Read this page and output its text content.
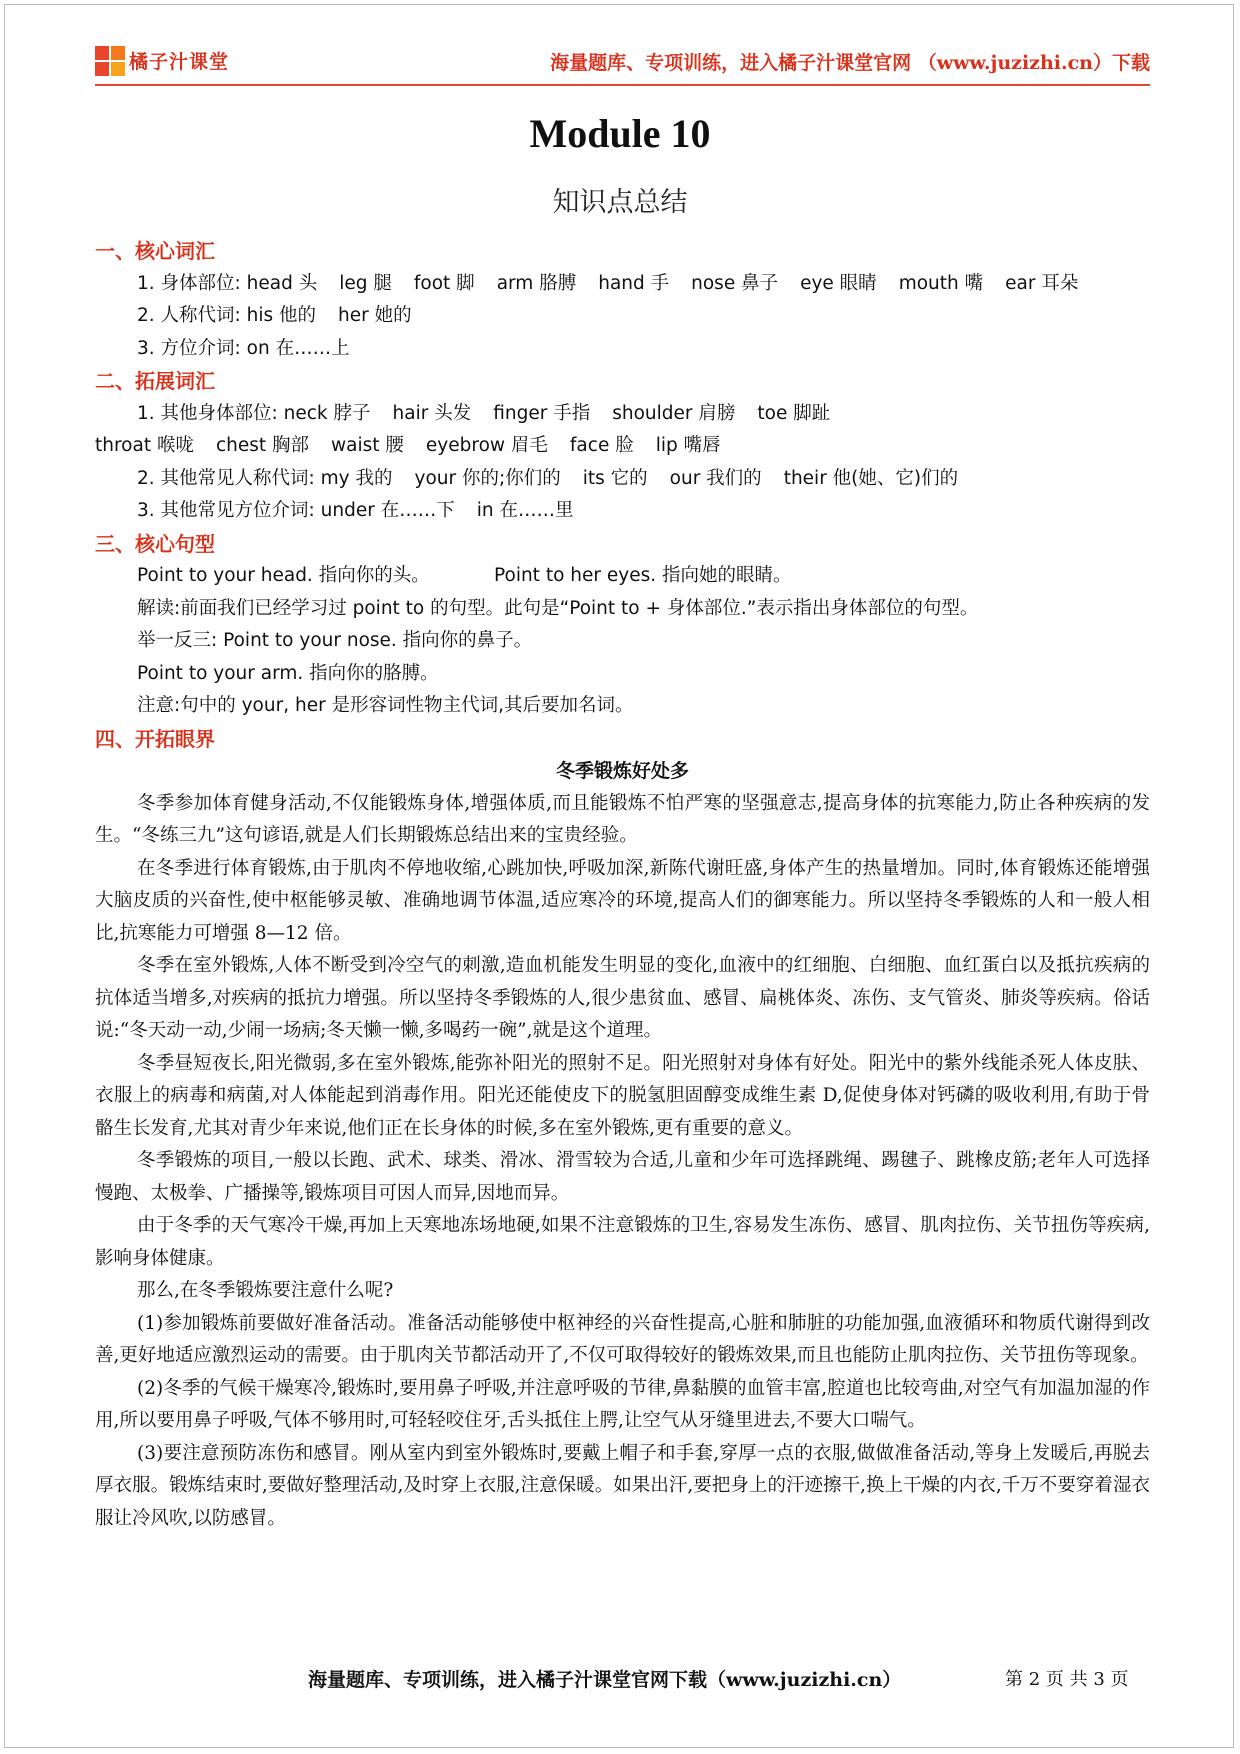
橘子汁课堂	海量题库、专项训练，进入橘子汁课堂官网 （www.juzizhi.cn）下载
Module 10
知识点总结
一、核心词汇
1. 身体部位: head 头 leg 腿 foot 脚 arm 胳膊 hand 手 nose 鼻子 eye 眼睛 mouth 嘴 ear 耳朵
2. 人称代词: his 他的 her 她的
3. 方位介词: on 在……上
二、拓展词汇
1. 其他身体部位: neck 脖子 hair 头发 finger 手指 shoulder 肩膀 toe 脚趾
throat 喉咙 chest 胸部 waist 腰 eyebrow 眉毛 face 脸 lip 嘴唇
2. 其他常见人称代词: my 我的 your 你的;你们的 its 它的 our 我们的 their 他(她、它)们的
3. 其他常见方位介词: under 在……下 in 在……里
三、核心句型
Point to your head. 指向你的头。	Point to her eyes. 指向她的眼睛。
解读:前面我们已经学习过 point to 的句型。此句是“Point to + 身体部位.”表示指出身体部位的句型。
举一反三: Point to your nose. 指向你的鼻子。
Point to your arm. 指向你的胳膊。
注意:句中的 your, her 是形容词性物主代词,其后要加名词。
四、开拓眼界
冬季锻炼好处多

冬季参加体育健身活动,不仅能锻炼身体,增强体质,而且能锻炼不怕严寒的坚强意志,提高身体的抗寒能力,防止各种疾病的发生。“冬练三九”这句谚语,就是人们长期锻炼总结出来的宝贵经验。

在冬季进行体育锻炼,由于肌肉不停地收缩,心跳加快,呼吸加深,新陈代谢旺盛,身体产生的热量增加。同时,体育锻炼还能增强大脑皮质的兴奋性,使中枢能够灵敏、准确地调节体温,适应寒冷的环境,提高人们的御寒能力。所以坚持冬季锻炼的人和一般人相比,抗寒能力可增强 8—12 倍。

冬季在室外锻炼,人体不断受到冷空气的刺激,造血机能发生明显的变化,血液中的红细胞、白细胞、血红蛋白以及抵抗疾病的抗体适当增多,对疾病的抵抗力增强。所以坚持冬季锻炼的人,很少患贫血、感冒、扁桃体炎、冻伤、支气管炎、肺炎等疾病。俗话说:“冬天动一动,少闹一场病;冬天懒一懒,多喝药一碗”,就是这个道理。

冬季昼短夜长,阳光微弱,多在室外锻炼,能弥补阳光的照射不足。阳光照射对身体有好处。阳光中的紫外线能杀死人体皮肤、衣服上的病毒和病菌,对人体能起到消毒作用。阳光还能使皮下的脱氢胆固醇变成维生素 D,促使身体对钙磷的吸收利用,有助于骨骼生长发育,尤其对青少年来说,他们正在长身体的时候,多在室外锻炼,更有重要的意义。

冬季锻炼的项目,一般以长跑、武术、球类、滑冰、滑雪较为合适,儿童和少年可选择跳绳、踢毽子、跳橡皮筋;老年人可选择慢跑、太极拳、广播操等,锻炼项目可因人而异,因地而异。

由于冬季的天气寒冷干燥,再加上天寒地冻场地硬,如果不注意锻炼的卫生,容易发生冻伤、感冒、肌肉拉伤、关节扭伤等疾病,影响身体健康。

那么,在冬季锻炼要注意什么呢?

(1)参加锻炼前要做好准备活动。准备活动能够使中枢神经的兴奋性提高,心脏和肺脏的功能加强,血液循环和物质代谢得到改善,更好地适应激烈运动的需要。由于肌肉关节都活动开了,不仅可取得较好的锻炼效果,而且也能防止肌肉拉伤、关节扭伤等现象。

(2)冬季的气候干燥寒冷,锻炼时,要用鼻子呼吸,并注意呼吸的节律,鼻黏膜的血管丰富,腔道也比较弯曲,对空气有加温加湿的作用,所以要用鼻子呼吸,气体不够用时,可轻轻咬住牙,舌头抵住上腭,让空气从牙缝里进去,不要大口喘气。

(3)要注意预防冻伤和感冒。刚从室内到室外锻炼时,要戴上帽子和手套,穿厚一点的衣服,做做准备活动,等身上发暖后,再脱去厚衣服。锻炼结束时,要做好整理活动,及时穿上衣服,注意保暖。如果出汗,要把身上的汗迹擦干,换上干燥的内衣,千万不要穿着湿衣服让冷风吹,以防感冒。

海量题库、专项训练，进入橘子汁课堂官网下载（www.juzizhi.cn）	第 2 页 共 3 页
